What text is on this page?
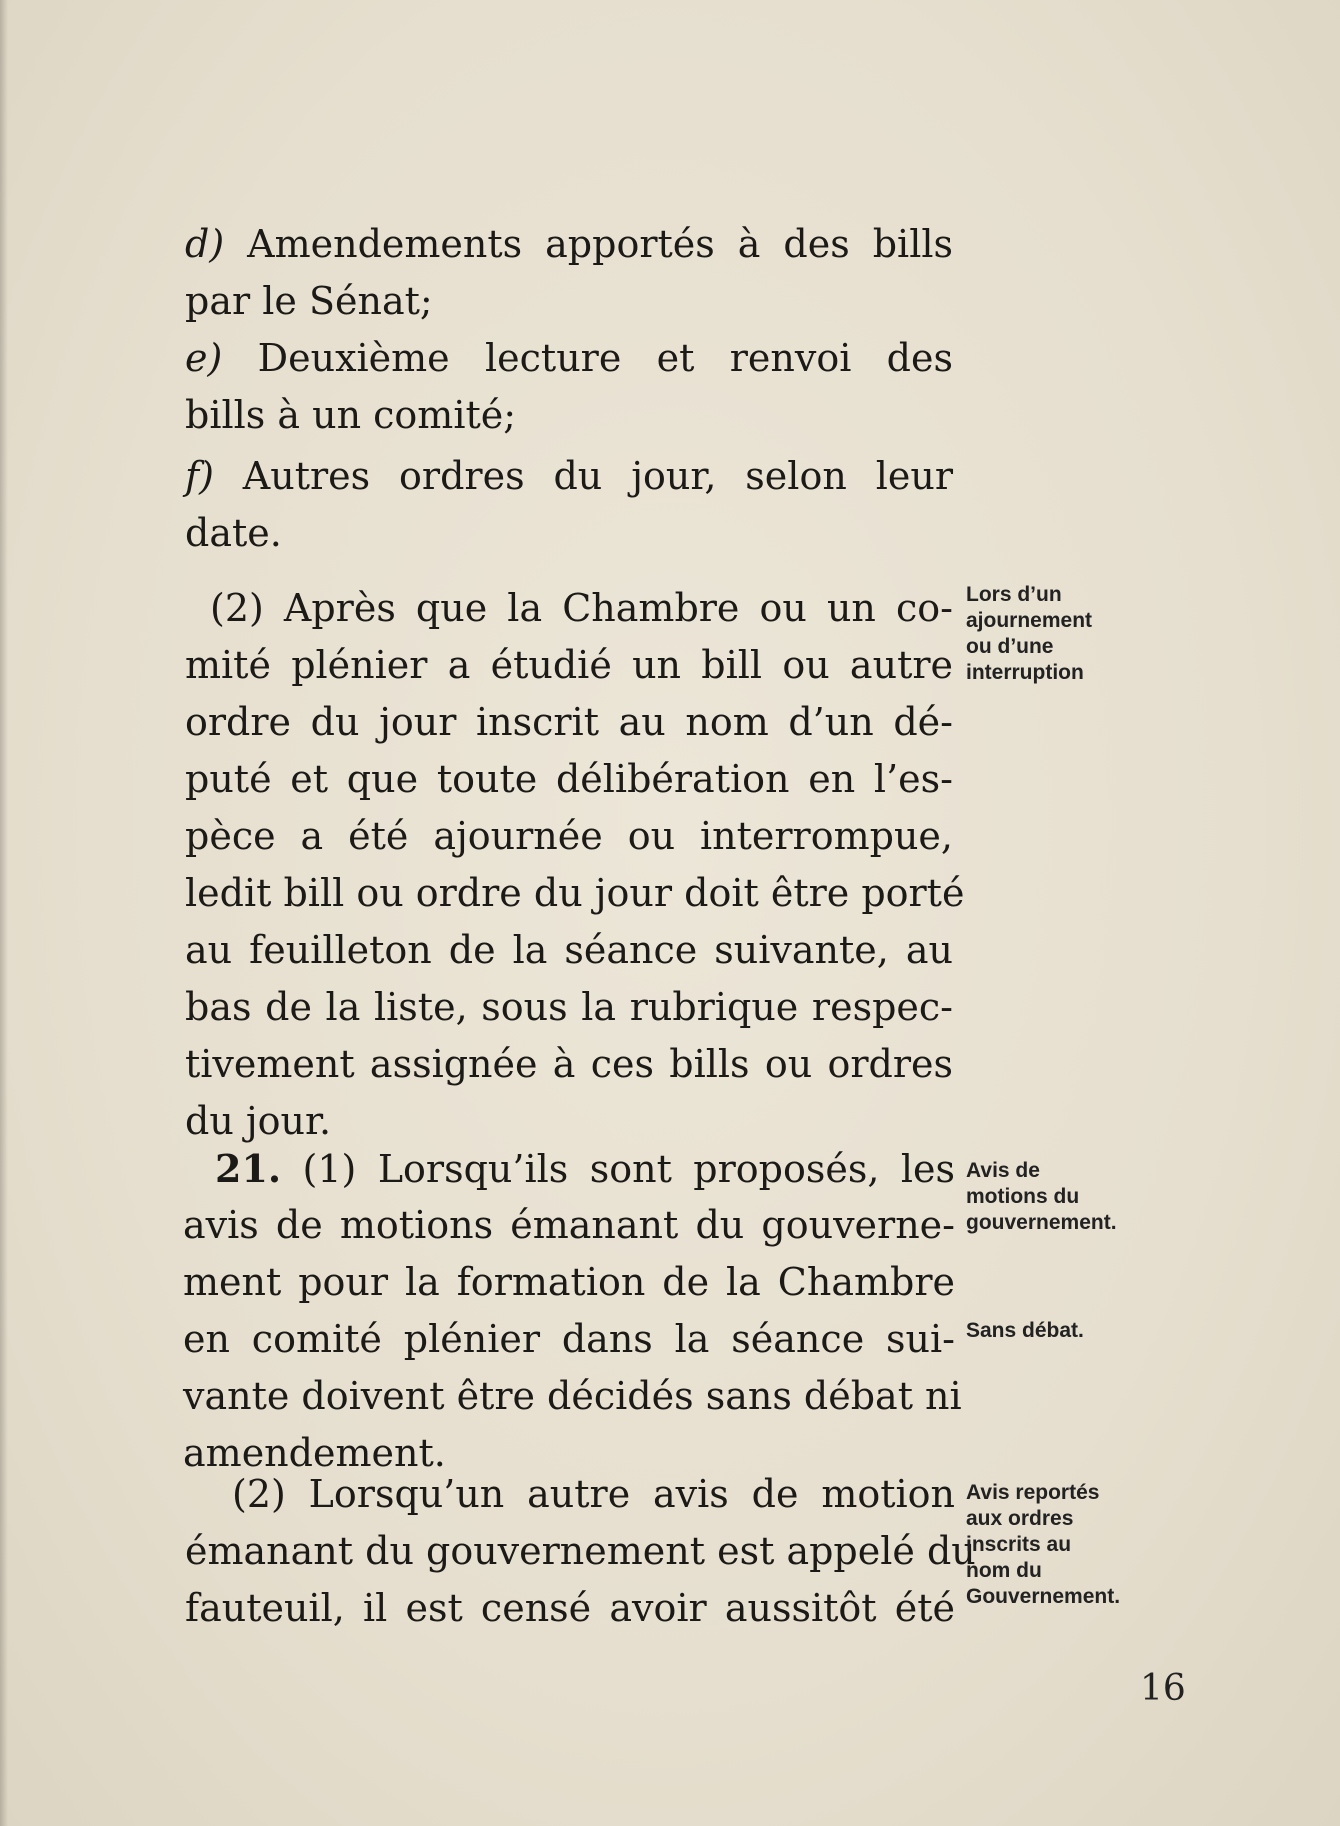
d) Amendements apportés à des bills
par le Sénat;
e) Deuxième lecture et renvoi des
bills à un comité;
f) Autres ordres du jour, selon leur
date.
(2) Après que la Chambre ou un co-
mité plénier a étudié un bill ou autre
ordre du jour inscrit au nom d’un dé-
puté et que toute délibération en l’es-
pèce a été ajournée ou interrompue,
ledit bill ou ordre du jour doit être porté
au feuilleton de la séance suivante, au
bas de la liste, sous la rubrique respec-
tivement assignée à ces bills ou ordres
du jour.
21. (1) Lorsqu’ils sont proposés, les
avis de motions émanant du gouverne-
ment pour la formation de la Chambre
en comité plénier dans la séance sui-
vante doivent être décidés sans débat ni
amendement.
(2) Lorsqu’un autre avis de motion
émanant du gouvernement est appelé du
fauteuil, il est censé avoir aussitôt été
Lors d’un
ajournement
ou d’une
interruption
Avis de
motions du
gouvernement.
Sans débat.
Avis reportés
aux ordres
inscrits au
nom du
Gouvernement.
16
